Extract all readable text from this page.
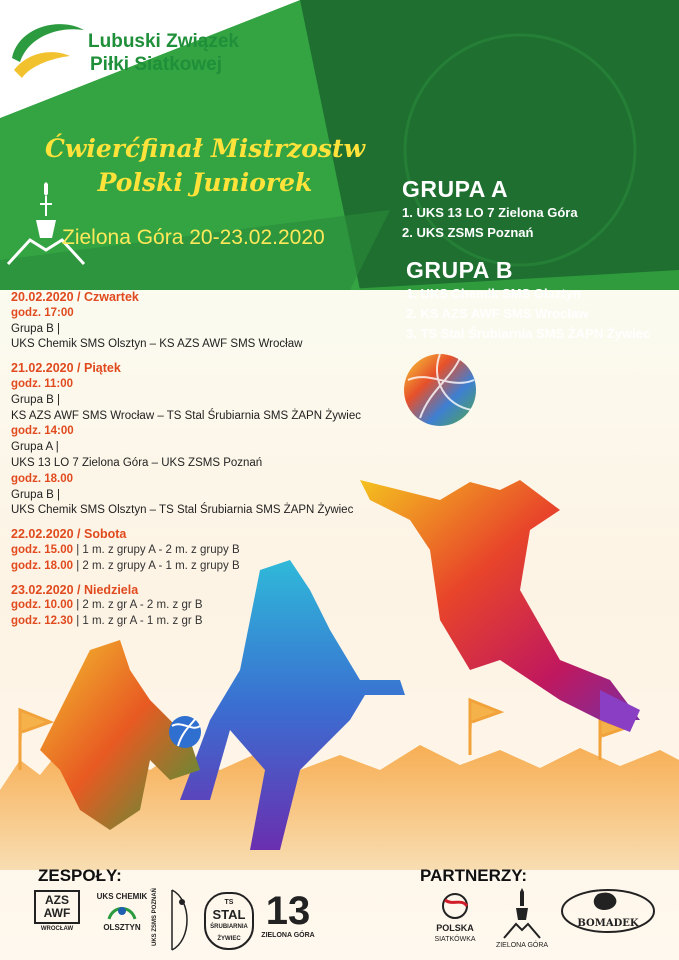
Lubuski Związek
Piłki Siatkowej
Ćwierćfinał Mistrzostw
Polski Juniorek
Zielona Góra 20-23.02.2020
GRUPA A
1. UKS 13 LO 7 Zielona Góra
2. UKS ZSMS Poznań
GRUPA B
1. UKS Chemik SMS Olsztyn
2. KS AZS AWF SMS Wrocław
3. TS Stal Śrubiarnia SMS ŻAPN Żywiec
20.02.2020 / Czwartek
godz. 17:00
Grupa B |
UKS Chemik SMS Olsztyn – KS AZS AWF SMS Wrocław
21.02.2020 / Piątek
godz. 11:00
Grupa B |
KS AZS AWF SMS Wrocław – TS Stal Śrubiarnia SMS ŻAPN Żywiec
godz. 14:00
Grupa A |
UKS 13 LO 7 Zielona Góra – UKS ZSMS Poznań
godz. 18.00
Grupa B |
UKS Chemik SMS Olsztyn – TS Stal Śrubiarnia SMS ŻAPN Żywiec
22.02.2020 / Sobota
godz. 15.00 | 1 m. z grupy A - 2 m. z grupy B
godz. 18.00 | 2 m. z grupy A - 1 m. z grupy B
23.02.2020 / Niedziela
godz. 10.00 | 2 m. z gr A - 2 m. z gr B
godz. 12.30 | 1 m. z gr A - 1 m. z gr B
ZESPOŁY:	PARTNERZY:
AZS
AWF
WROCŁAW
UKS CHEMIK
OLSZTYN	UKS ZSMS POZNAŃ	TS
STAL
ŚRUBIARNIA
ŻYWIEC
13
ZIELONA GÓRA
POLSKA
SIATKÓWKA
ZIELONA GÓRA
BOMADEK
